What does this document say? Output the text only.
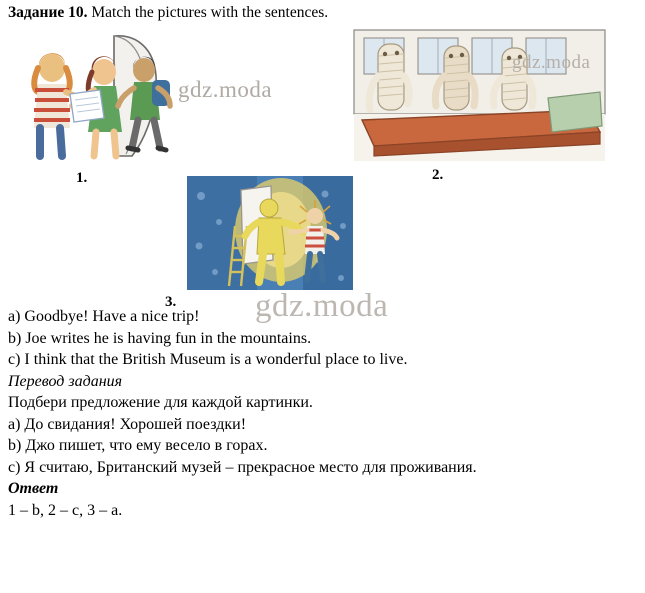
Задание 10. Match the pictures with the sentences.
1.	2.
3.
gdz.moda
gdz.moda
gdz.moda

a) Goodbye! Have a nice trip!

b) Joe writes he is having fun in the mountains.

c) I think that the British Museum is a wonderful place to live.

Перевод задания

Подбери предложение для каждой картинки.

a) До свидания! Хорошей поездки!

b) Джо пишет, что ему весело в горах.

c) Я считаю, Британский музей – прекрасное место для проживания.

Ответ

1 – b, 2 – c, 3 – a.
